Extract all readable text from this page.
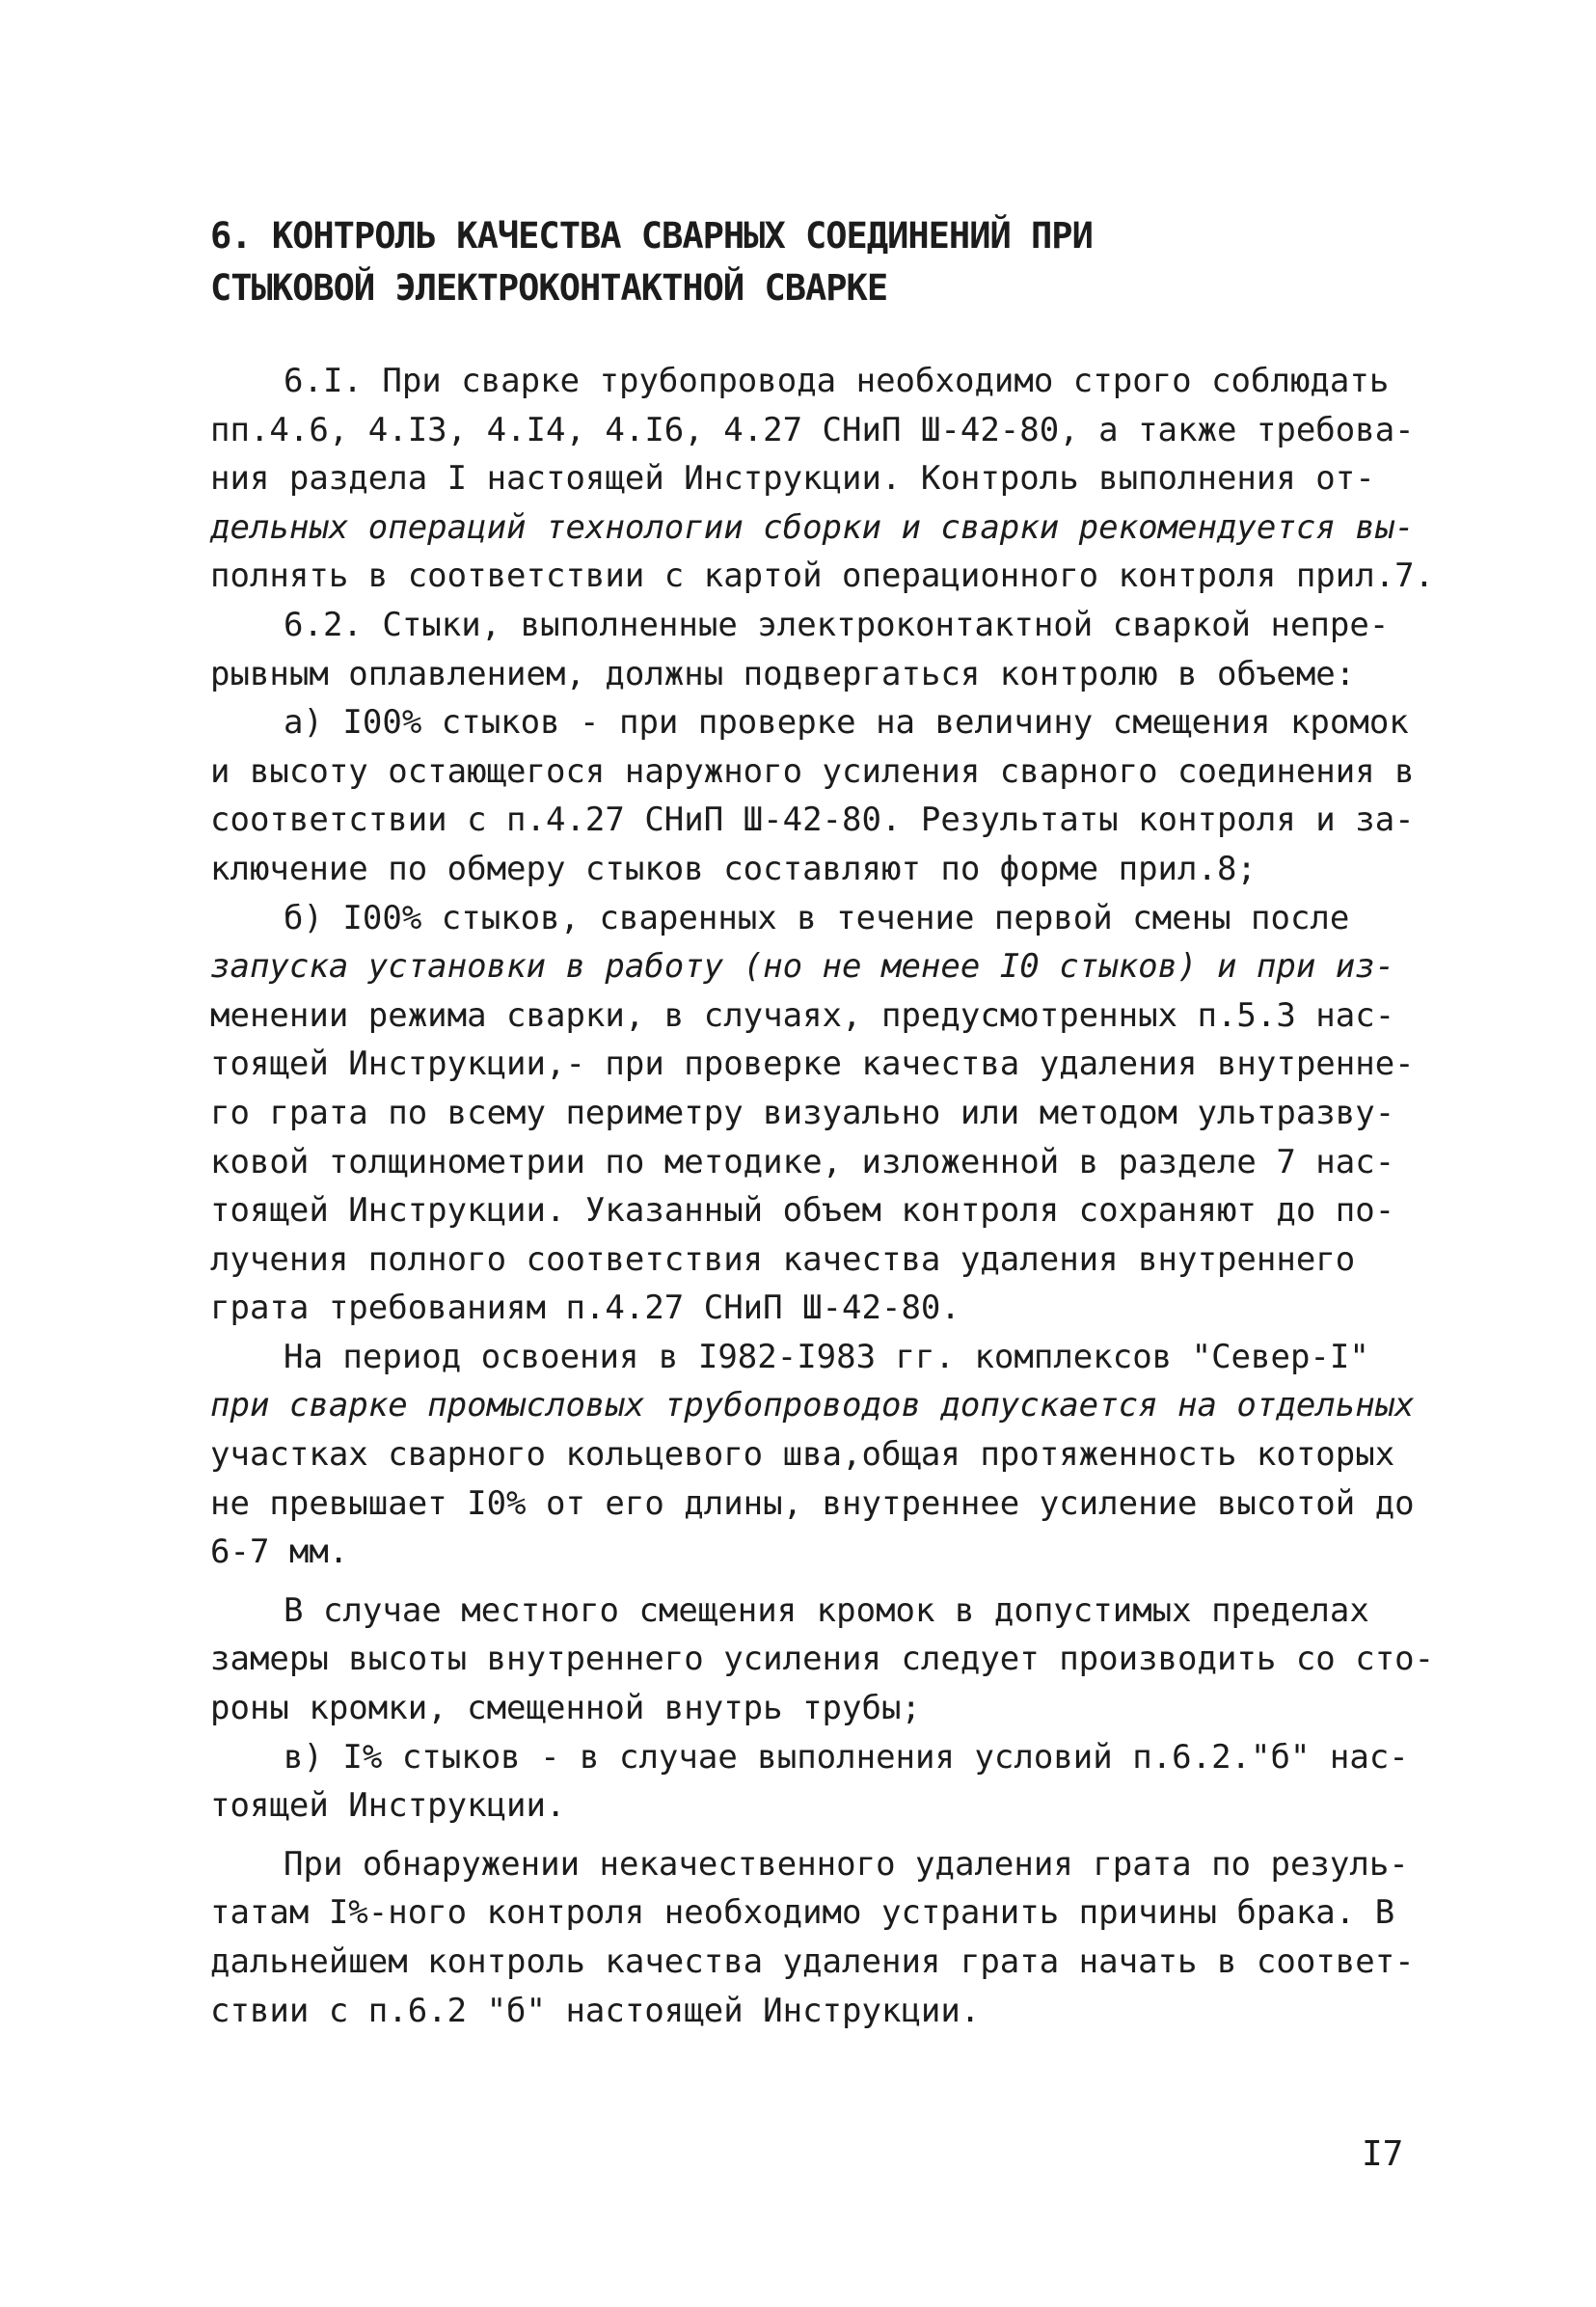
6. КОНТРОЛЬ КАЧЕСТВА СВАРНЫХ СОЕДИНЕНИЙ ПРИ
СТЫКОВОЙ ЭЛЕКТРОКОНТАКТНОЙ СВАРКЕ
6.I. При сварке трубопровода необходимо строго соблюдать
пп.4.6, 4.I3, 4.I4, 4.I6, 4.27 СНиП Ш-42-80, а также требова-
ния раздела I настоящей Инструкции. Контроль выполнения от-
дельных операций технологии сборки и сварки рекомендуется вы-
полнять в соответствии с картой операционного контроля прил.7.
6.2. Стыки, выполненные электроконтактной сваркой непре-
рывным оплавлением, должны подвергаться контролю в объеме:
а) I00% стыков - при проверке на величину смещения кромок
и высоту остающегося наружного усиления сварного соединения в
соответствии с п.4.27 СНиП Ш-42-80. Результаты контроля и за-
ключение по обмеру стыков составляют по форме прил.8;
б) I00% стыков, сваренных в течение первой смены после
запуска установки в работу (но не менее I0 стыков) и при из-
менении режима сварки, в случаях, предусмотренных п.5.3 нас-
тоящей Инструкции,- при проверке качества удаления внутренне-
го грата по всему периметру визуально или методом ультразву-
ковой толщинометрии по методике, изложенной в разделе 7 нас-
тоящей Инструкции. Указанный объем контроля сохраняют до по-
лучения полного соответствия качества удаления внутреннего
грата требованиям п.4.27 СНиП Ш-42-80.
На период освоения в I982-I983 гг. комплексов "Север-I"
при сварке промысловых трубопроводов допускается на отдельных
участках сварного кольцевого шва,общая протяженность которых
не превышает I0% от его длины, внутреннее усиление высотой до
6-7 мм.
В случае местного смещения кромок в допустимых пределах
замеры высоты внутреннего усиления следует производить со сто-
роны кромки, смещенной внутрь трубы;
в) I% стыков - в случае выполнения условий п.6.2."б" нас-
тоящей Инструкции.
При обнаружении некачественного удаления грата по резуль-
татам I%-ного контроля необходимо устранить причины брака. В
дальнейшем контроль качества удаления грата начать в соответ-
ствии с п.6.2 "б" настоящей Инструкции.
I7
